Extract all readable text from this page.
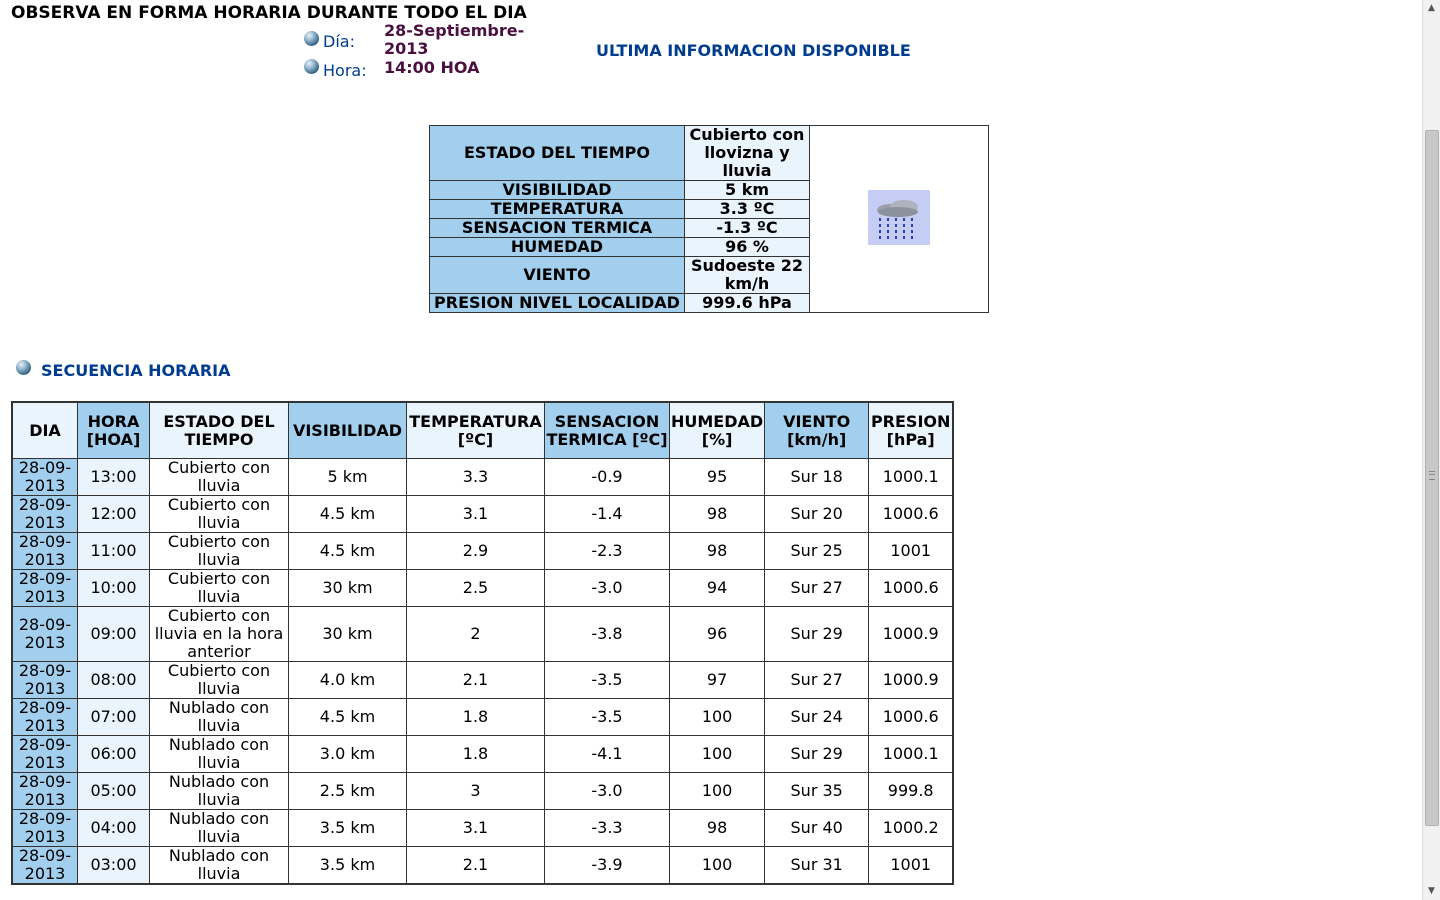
OBSERVA EN FORMA HORARIA DURANTE TODO EL DIA
Día:
28-Septiembre-
2013
Hora: 14:00 HOA
ULTIMA INFORMACION DISPONIBLE
ESTADO DEL TIEMPO	Cubierto con llovizna y lluvia	
VISIBILIDAD	5 km	
TEMPERATURA	3.3 ºC	
SENSACION TERMICA	-1.3 ºC	
HUMEDAD	96 %	
VIENTO	Sudoeste 22 km/h	
PRESION NIVEL LOCALIDAD	999.6 hPa	
SECUENCIA HORARIA
DIA	HORA [HOA]	ESTADO DEL TIEMPO	VISIBILIDAD	TEMPERATURA [ºC]	SENSACION TERMICA [ºC]	HUMEDAD [%]	VIENTO [km/h]	PRESION [hPa]
28-09-2013	13:00	Cubierto con lluvia	5 km	3.3	-0.9	95	Sur 18	1000.1
28-09-2013	12:00	Cubierto con lluvia	4.5 km	3.1	-1.4	98	Sur 20	1000.6
28-09-2013	11:00	Cubierto con lluvia	4.5 km	2.9	-2.3	98	Sur 25	1001
28-09-2013	10:00	Cubierto con lluvia	30 km	2.5	-3.0	94	Sur 27	1000.6
28-09-2013	09:00	Cubierto con lluvia en la hora anterior	30 km	2	-3.8	96	Sur 29	1000.9
28-09-2013	08:00	Cubierto con lluvia	4.0 km	2.1	-3.5	97	Sur 27	1000.9
28-09-2013	07:00	Nublado con lluvia	4.5 km	1.8	-3.5	100	Sur 24	1000.6
28-09-2013	06:00	Nublado con lluvia	3.0 km	1.8	-4.1	100	Sur 29	1000.1
28-09-2013	05:00	Nublado con lluvia	2.5 km	3	-3.0	100	Sur 35	999.8
28-09-2013	04:00	Nublado con lluvia	3.5 km	3.1	-3.3	98	Sur 40	1000.2
28-09-2013	03:00	Nublado con lluvia	3.5 km	2.1	-3.9	100	Sur 31	1001
▲
▼
